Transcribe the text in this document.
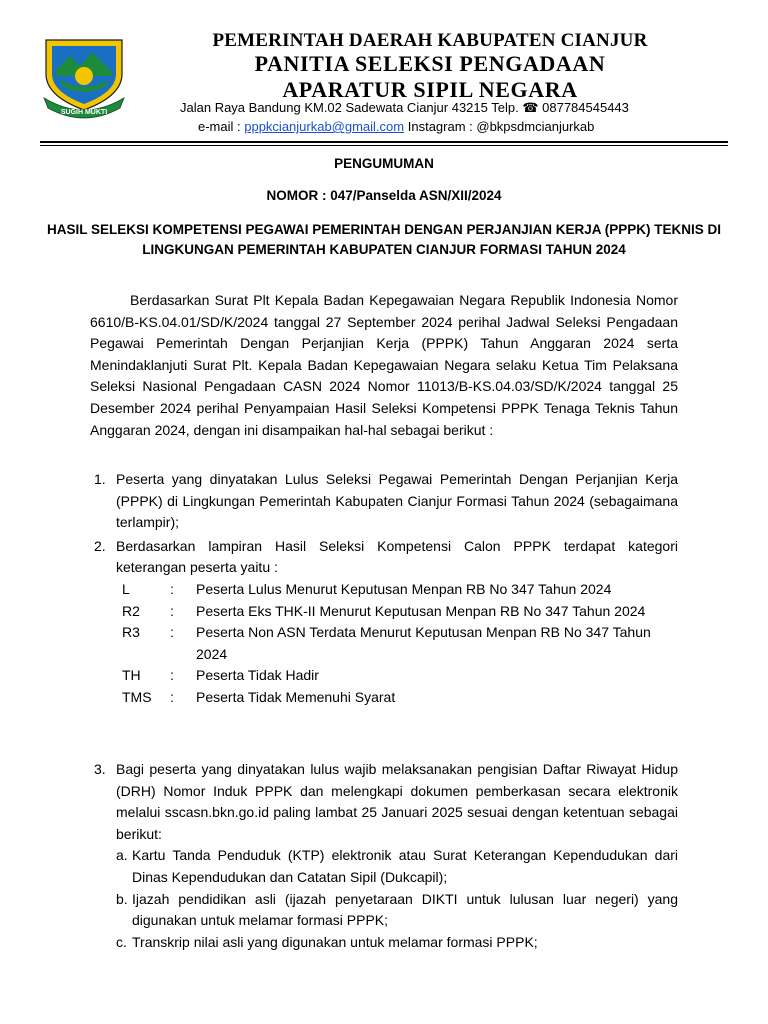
SUGIH MUKTI
PEMERINTAH DAERAH KABUPATEN CIANJUR
PANITIA SELEKSI PENGADAAN
APARATUR SIPIL NEGARA
Jalan Raya Bandung KM.02 Sadewata Cianjur 43215 Telp. ☎ 087784545443
e-mail : pppkcianjurkab@gmail.com Instagram : @bkpsdmcianjurkab
PENGUMUMAN
NOMOR : 047/Panselda ASN/XII/2024
HASIL SELEKSI KOMPETENSI PEGAWAI PEMERINTAH DENGAN PERJANJIAN KERJA (PPPK) TEKNIS DI LINGKUNGAN PEMERINTAH KABUPATEN CIANJUR FORMASI TAHUN 2024

Berdasarkan Surat Plt Kepala Badan Kepegawaian Negara Republik Indonesia Nomor 6610/B-KS.04.01/SD/K/2024 tanggal 27 September 2024 perihal Jadwal Seleksi Pengadaan Pegawai Pemerintah Dengan Perjanjian Kerja (PPPK) Tahun Anggaran 2024 serta Menindaklanjuti Surat Plt. Kepala Badan Kepegawaian Negara selaku Ketua Tim Pelaksana Seleksi Nasional Pengadaan CASN 2024 Nomor 11013/B-KS.04.03/SD/K/2024 tanggal 25 Desember 2024 perihal Penyampaian Hasil Seleksi Kompetensi PPPK Tenaga Teknis Tahun Anggaran 2024, dengan ini disampaikan hal-hal sebagai berikut :

1. Peserta yang dinyatakan Lulus Seleksi Pegawai Pemerintah Dengan Perjanjian Kerja (PPPK) di Lingkungan Pemerintah Kabupaten Cianjur Formasi Tahun 2024 (sebagaimana terlampir);
2. Berdasarkan lampiran Hasil Seleksi Kompetensi Calon PPPK terdapat kategori keterangan peserta yaitu :
L	:	Peserta Lulus Menurut Keputusan Menpan RB No 347 Tahun 2024
R2	:	Peserta Eks THK-II Menurut Keputusan Menpan RB No 347 Tahun 2024
R3	:	Peserta Non ASN Terdata Menurut Keputusan Menpan RB No 347 Tahun 2024
TH	:	Peserta Tidak Hadir
TMS	:	Peserta Tidak Memenuhi Syarat
3. Bagi peserta yang dinyatakan lulus wajib melaksanakan pengisian Daftar Riwayat Hidup (DRH) Nomor Induk PPPK dan melengkapi dokumen pemberkasan secara elektronik melalui sscasn.bkn.go.id paling lambat 25 Januari 2025 sesuai dengan ketentuan sebagai berikut:
a. Kartu Tanda Penduduk (KTP) elektronik atau Surat Keterangan Kependudukan dari Dinas Kependudukan dan Catatan Sipil (Dukcapil);
b. Ijazah pendidikan asli (ijazah penyetaraan DIKTI untuk lulusan luar negeri) yang digunakan untuk melamar formasi PPPK;
c. Transkrip nilai asli yang digunakan untuk melamar formasi PPPK;
